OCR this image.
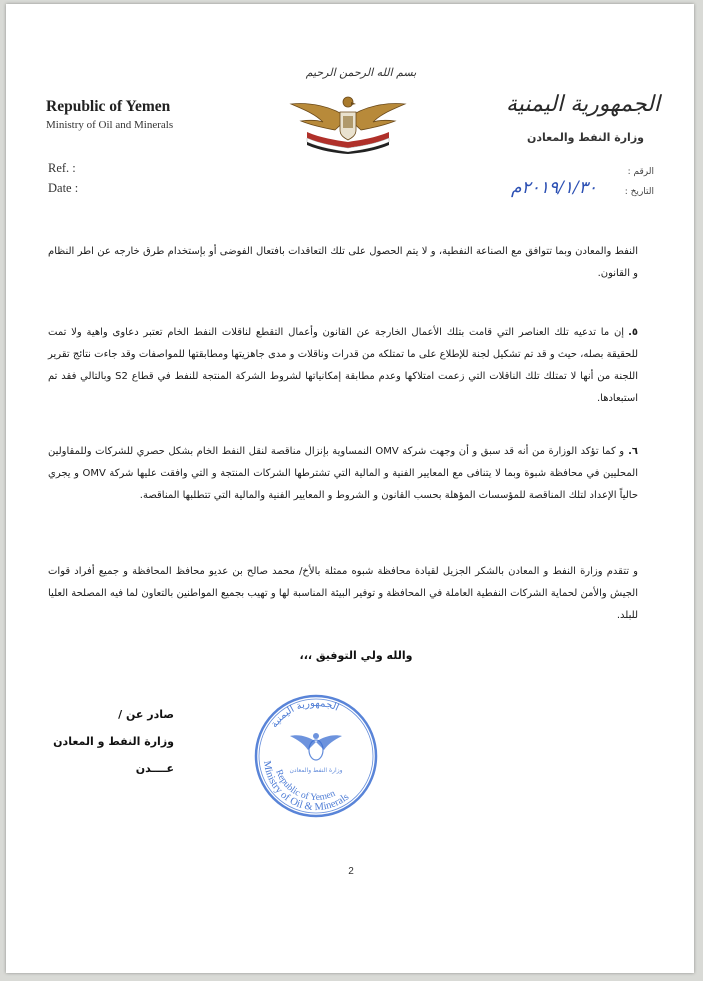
بسم الله الرحمن الرحيم
Republic of Yemen
Ministry of Oil and Minerals
الجمهورية اليمنية
وزارة النفط والمعادن
Ref. :
Date :
الرقم :
التاريخ :
٢٠١٩/١/٣٠م
النفط والمعادن وبما تتوافق مع الصناعة النفطية، و لا يتم الحصول على تلك التعاقدات بافتعال الفوضى أو بإستخدام طرق خارجه عن اطر النظام و القانون.
٥.إن ما تدعيه تلك العناصر التي قامت بتلك الأعمال الخارجة عن القانون وأعمال التقطع لناقلات النفط الخام تعتبر دعاوى واهية ولا تمت للحقيقة بصله، حيث و قد تم تشكيل لجنة للإطلاع على ما تمتلكه من قدرات وناقلات و مدى جاهزيتها ومطابقتها للمواصفات وقد جاءت نتائج تقرير اللجنة من أنها لا تمتلك تلك الناقلات التي زعمت امتلاكها وعدم مطابقة إمكانياتها لشروط الشركة المنتجة للنفط في قطاع S2 وبالتالي فقد تم استبعادها.
٦.و كما تؤكد الوزارة من أنه قد سبق و أن وجهت شركة OMV النمساوية بإنزال مناقصة لنقل النفط الخام بشكل حصري للشركات وللمقاولين المحليين في محافظة شبوة وبما لا يتنافى مع المعايير الفنية و المالية التي تشترطها الشركات المنتجة و التي وافقت عليها شركة OMV و يجري حالياً الإعداد لتلك المناقصة للمؤسسات المؤهلة بحسب القانون و الشروط و المعايير الفنية والمالية التي تتطلبها المناقصة.
و تتقدم وزارة النفط و المعادن بالشكر الجزيل لقيادة محافظة شبوه ممثلة بالأخ/ محمد صالح بن عديو محافظ المحافظة و جميع أفراد قوات الجيش والأمن لحماية الشركات النفطية العاملة في المحافظة و توفير البيئة المناسبة لها و تهيب بجميع المواطنين بالتعاون لما فيه المصلحة العليا للبلد.
والله ولي التوفيق ،،،
صادر عن /
وزارة النفط و المعادن
عــــدن
الجمهورية اليمنية
Republic of Yemen
Ministry of Oil & Minerals
وزارة النفط والمعادن
2
